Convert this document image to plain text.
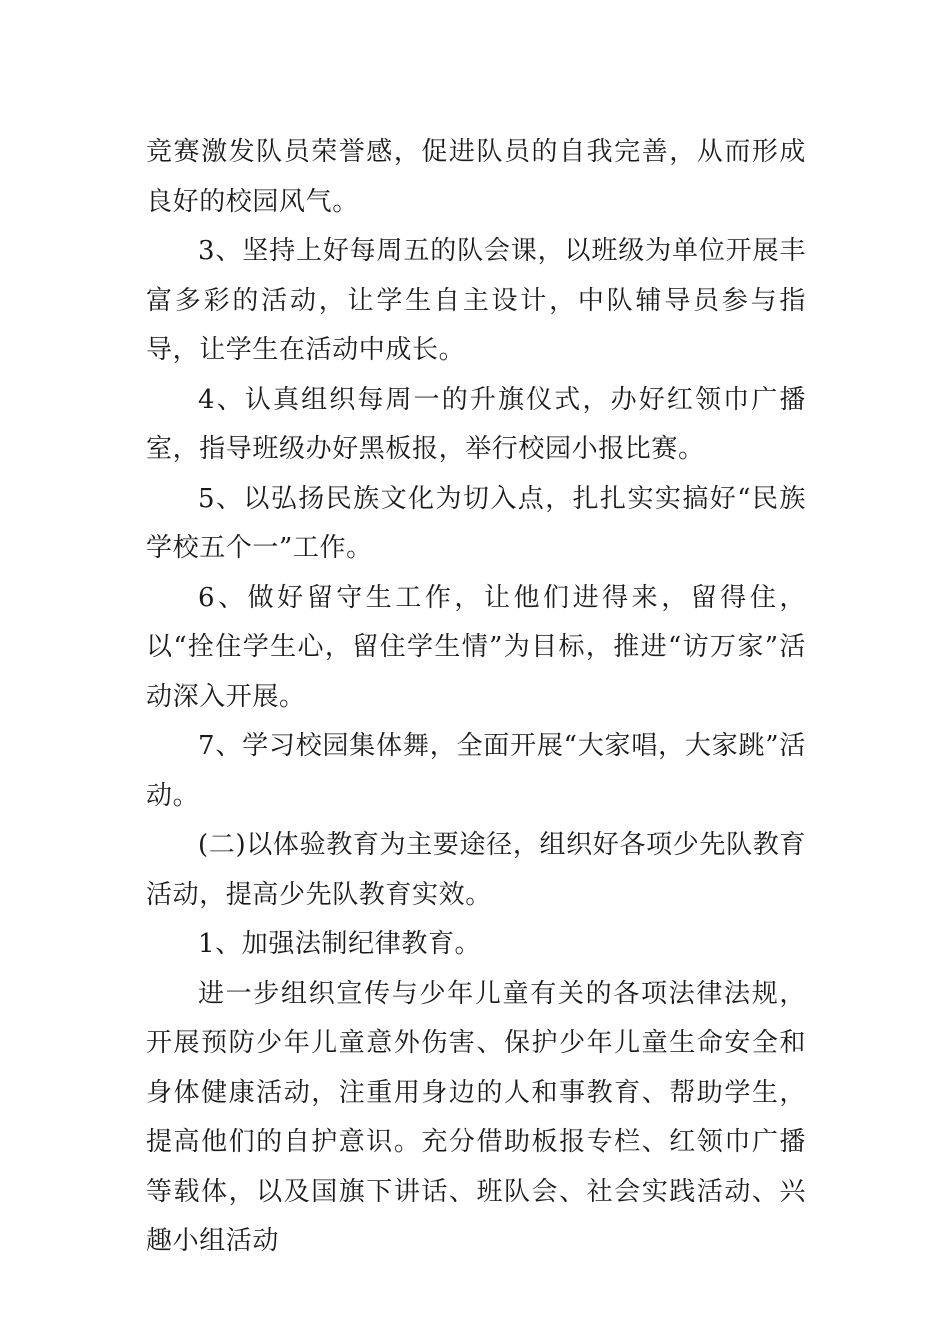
竞赛激发队员荣誉感，促进队员的自我完善，从而形成良好的校园风气。

3、坚持上好每周五的队会课，以班级为单位开展丰富多彩的活动，让学生自主设计，中队辅导员参与指导，让学生在活动中成长。

4、认真组织每周一的升旗仪式，办好红领巾广播室，指导班级办好黑板报，举行校园小报比赛。

5、以弘扬民族文化为切入点，扎扎实实搞好“民族学校五个一”工作。

6、做好留守生工作，让他们进得来，留得住，以“拴住学生心，留住学生情”为目标，推进“访万家”活动深入开展。

7、学习校园集体舞，全面开展“大家唱，大家跳”活动。

(二)以体验教育为主要途径，组织好各项少先队教育活动，提高少先队教育实效。

1、加强法制纪律教育。

进一步组织宣传与少年儿童有关的各项法律法规，开展预防少年儿童意外伤害、保护少年儿童生命安全和身体健康活动，注重用身边的人和事教育、帮助学生，提高他们的自护意识。充分借助板报专栏、红领巾广播等载体，以及国旗下讲话、班队会、社会实践活动、兴趣小组活动
